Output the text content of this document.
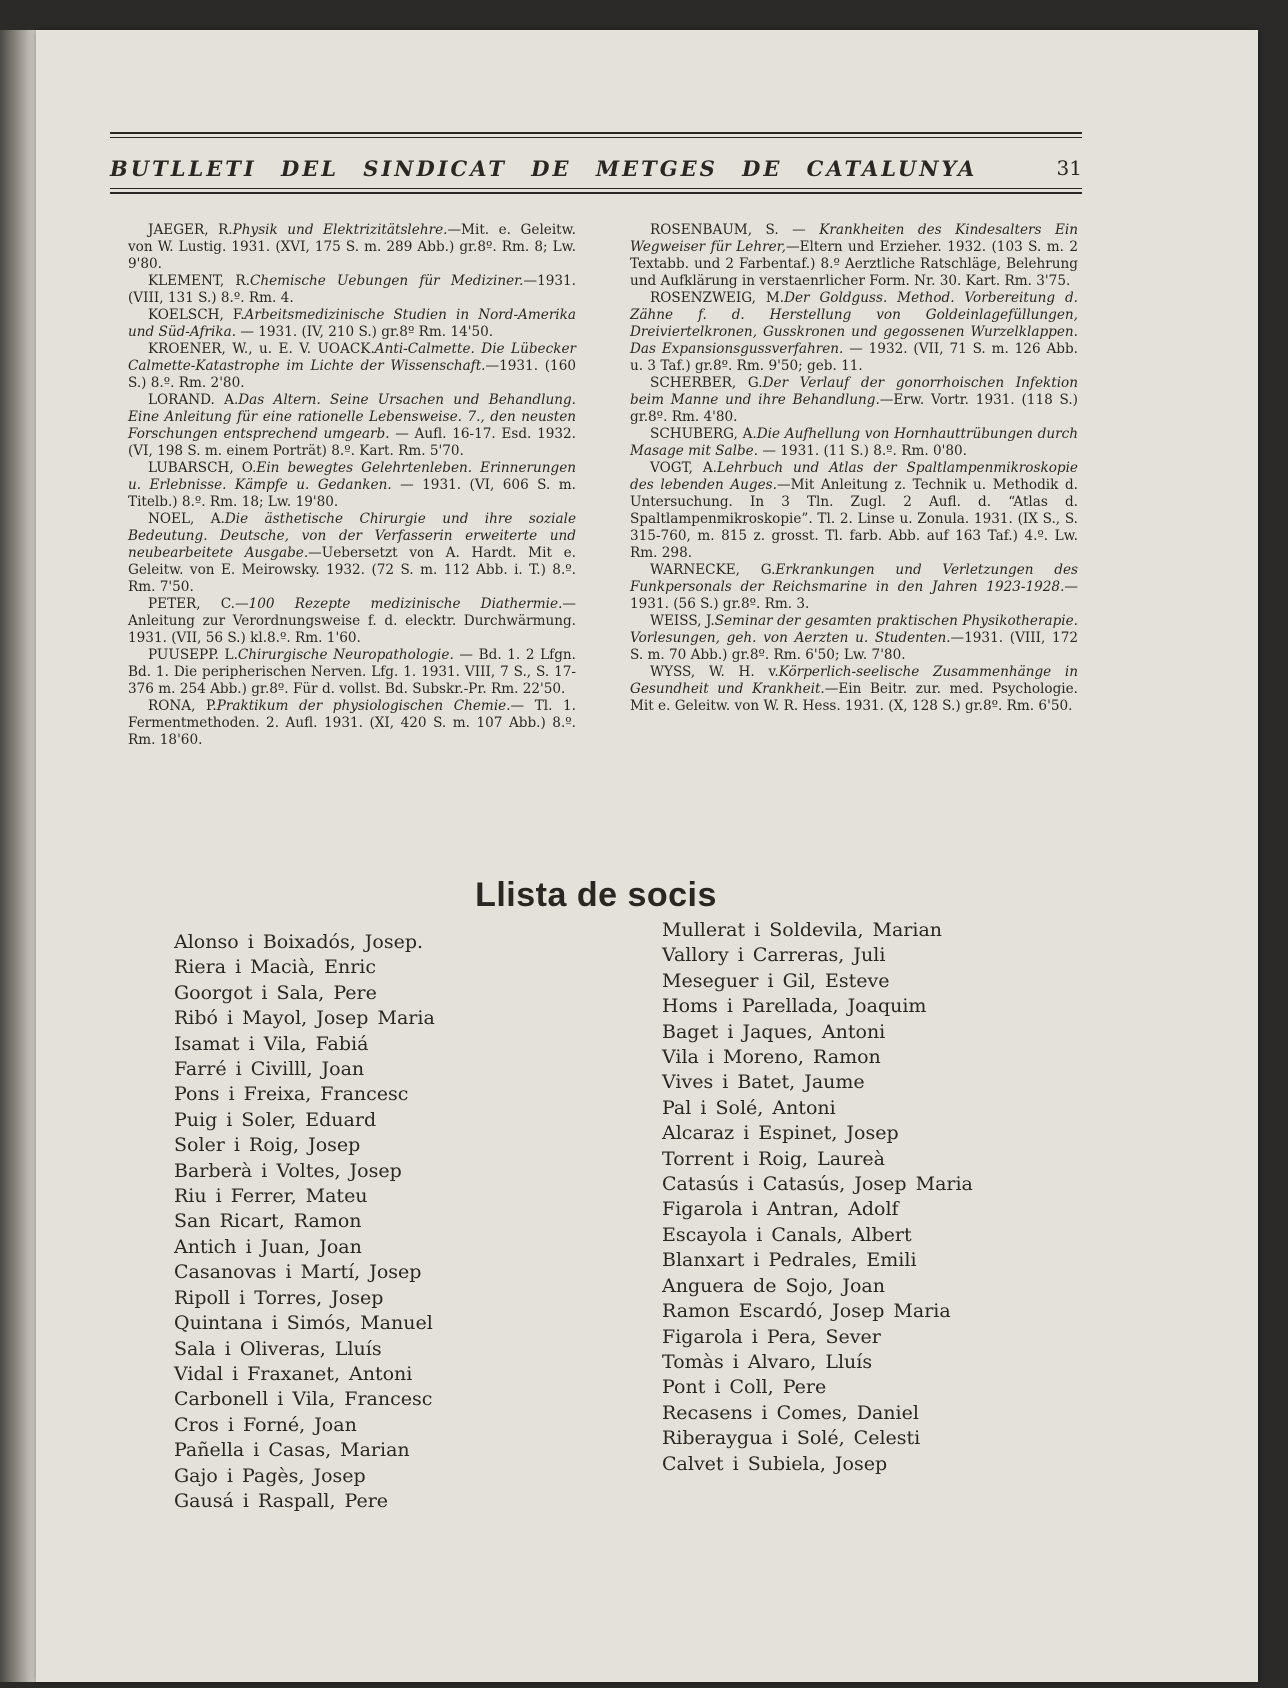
BUTLLETI DEL SINDICAT DE METGES DE CATALUNYA	31

JAEGER, R.Physik und Elektrizitätslehre.—Mit. e. Geleitw. von W. Lustig. 1931. (XVI, 175 S. m. 289 Abb.) gr.8º. Rm. 8; Lw. 9'80.

KLEMENT, R.Chemische Uebungen für Mediziner.—1931. (VIII, 131 S.) 8.º. Rm. 4.

KOELSCH, F.Arbeitsmedizinische Studien in Nord-Amerika und Süd-Afrika. — 1931. (IV, 210 S.) gr.8º Rm. 14'50.

KROENER, W., u. E. V. UOACK.Anti-Calmette. Die Lübecker Calmette-Katastrophe im Lichte der Wissenschaft.—1931. (160 S.) 8.º. Rm. 2'80.

LORAND. A.Das Altern. Seine Ursachen und Behandlung. Eine Anleitung für eine rationelle Lebensweise. 7., den neusten Forschungen entsprechend umgearb. — Aufl. 16-17. Esd. 1932. (VI, 198 S. m. einem Porträt) 8.º. Kart. Rm. 5'70.

LUBARSCH, O.Ein bewegtes Gelehrtenleben. Erinnerungen u. Erlebnisse. Kämpfe u. Gedanken. — 1931. (VI, 606 S. m. Titelb.) 8.º. Rm. 18; Lw. 19'80.

NOEL, A.Die ästhetische Chirurgie und ihre soziale Bedeutung. Deutsche, von der Verfasserin erweiterte und neubearbeitete Ausgabe.—Uebersetzt von A. Hardt. Mit e. Geleitw. von E. Meirowsky. 1932. (72 S. m. 112 Abb. i. T.) 8.º. Rm. 7'50.

PETER, C.—100 Rezepte medizinische Diathermie.— Anleitung zur Verordnungsweise f. d. elecktr. Durchwärmung. 1931. (VII, 56 S.) kl.8.º. Rm. 1'60.

PUUSEPP. L.Chirurgische Neuropathologie. — Bd. 1. 2 Lfgn. Bd. 1. Die peripherischen Nerven. Lfg. 1. 1931. VIII, 7 S., S. 17-376 m. 254 Abb.) gr.8º. Für d. vollst. Bd. Subskr.-Pr. Rm. 22'50.

RONA, P.Praktikum der physiologischen Chemie.— Tl. 1. Fermentmethoden. 2. Aufl. 1931. (XI, 420 S. m. 107 Abb.) 8.º. Rm. 18'60.

ROSENBAUM, S. — Krankheiten des Kindesalters Ein Wegweiser für Lehrer,—Eltern und Erzieher. 1932. (103 S. m. 2 Textabb. und 2 Farbentaf.) 8.º Aerztliche Ratschläge, Belehrung und Aufklärung in verstaenrlicher Form. Nr. 30. Kart. Rm. 3'75.

ROSENZWEIG, M.Der Goldguss. Method. Vorbereitung d. Zähne f. d. Herstellung von Goldeinlagefüllungen, Dreiviertelkronen, Gusskronen und gegossenen Wurzelklappen. Das Expansionsgussverfahren. — 1932. (VII, 71 S. m. 126 Abb. u. 3 Taf.) gr.8º. Rm. 9'50; geb. 11.

SCHERBER, G.Der Verlauf der gonorrhoischen Infektion beim Manne und ihre Behandlung.—Erw. Vortr. 1931. (118 S.) gr.8º. Rm. 4'80.

SCHUBERG, A.Die Aufhellung von Hornhauttrübungen durch Masage mit Salbe. — 1931. (11 S.) 8.º. Rm. 0'80.

VOGT, A.Lehrbuch und Atlas der Spaltlampenmikroskopie des lebenden Auges.—Mit Anleitung z. Technik u. Methodik d. Untersuchung. In 3 Tln. Zugl. 2 Aufl. d. “Atlas d. Spaltlampenmikroskopie”. Tl. 2. Linse u. Zonula. 1931. (IX S., S. 315-760, m. 815 z. grosst. Tl. farb. Abb. auf 163 Taf.) 4.º. Lw. Rm. 298.

WARNECKE, G.Erkrankungen und Verletzungen des Funkpersonals der Reichsmarine in den Jahren 1923-1928.—1931. (56 S.) gr.8º. Rm. 3.

WEISS, J.Seminar der gesamten praktischen Physikotherapie. Vorlesungen, geh. von Aerzten u. Studenten.—1931. (VIII, 172 S. m. 70 Abb.) gr.8º. Rm. 6'50; Lw. 7'80.

WYSS, W. H. v.Körperlich-seelische Zusammenhänge in Gesundheit und Krankheit.—Ein Beitr. zur. med. Psychologie. Mit e. Geleitw. von W. R. Hess. 1931. (X, 128 S.) gr.8º. Rm. 6'50.

Llista de socis
Alonso i Boixadós, Josep.
Riera i Macià, Enric
Goorgot i Sala, Pere
Ribó i Mayol, Josep Maria
Isamat i Vila, Fabiá
Farré i Civilll, Joan
Pons i Freixa, Francesc
Puig i Soler, Eduard
Soler i Roig, Josep
Barberà i Voltes, Josep
Riu i Ferrer, Mateu
San Ricart, Ramon
Antich i Juan, Joan
Casanovas i Martí, Josep
Ripoll i Torres, Josep
Quintana i Simós, Manuel
Sala i Oliveras, Lluís
Vidal i Fraxanet, Antoni
Carbonell i Vila, Francesc
Cros i Forné, Joan
Pañella i Casas, Marian
Gajo i Pagès, Josep
Gausá i Raspall, Pere
Mullerat i Soldevila, Marian
Vallory i Carreras, Juli
Meseguer i Gil, Esteve
Homs i Parellada, Joaquim
Baget i Jaques, Antoni
Vila i Moreno, Ramon
Vives i Batet, Jaume
Pal i Solé, Antoni
Alcaraz i Espinet, Josep
Torrent i Roig, Laureà
Catasús i Catasús, Josep Maria
Figarola i Antran, Adolf
Escayola i Canals, Albert
Blanxart i Pedrales, Emili
Anguera de Sojo, Joan
Ramon Escardó, Josep Maria
Figarola i Pera, Sever
Tomàs i Alvaro, Lluís
Pont i Coll, Pere
Recasens i Comes, Daniel
Riberaygua i Solé, Celesti
Calvet i Subiela, Josep
